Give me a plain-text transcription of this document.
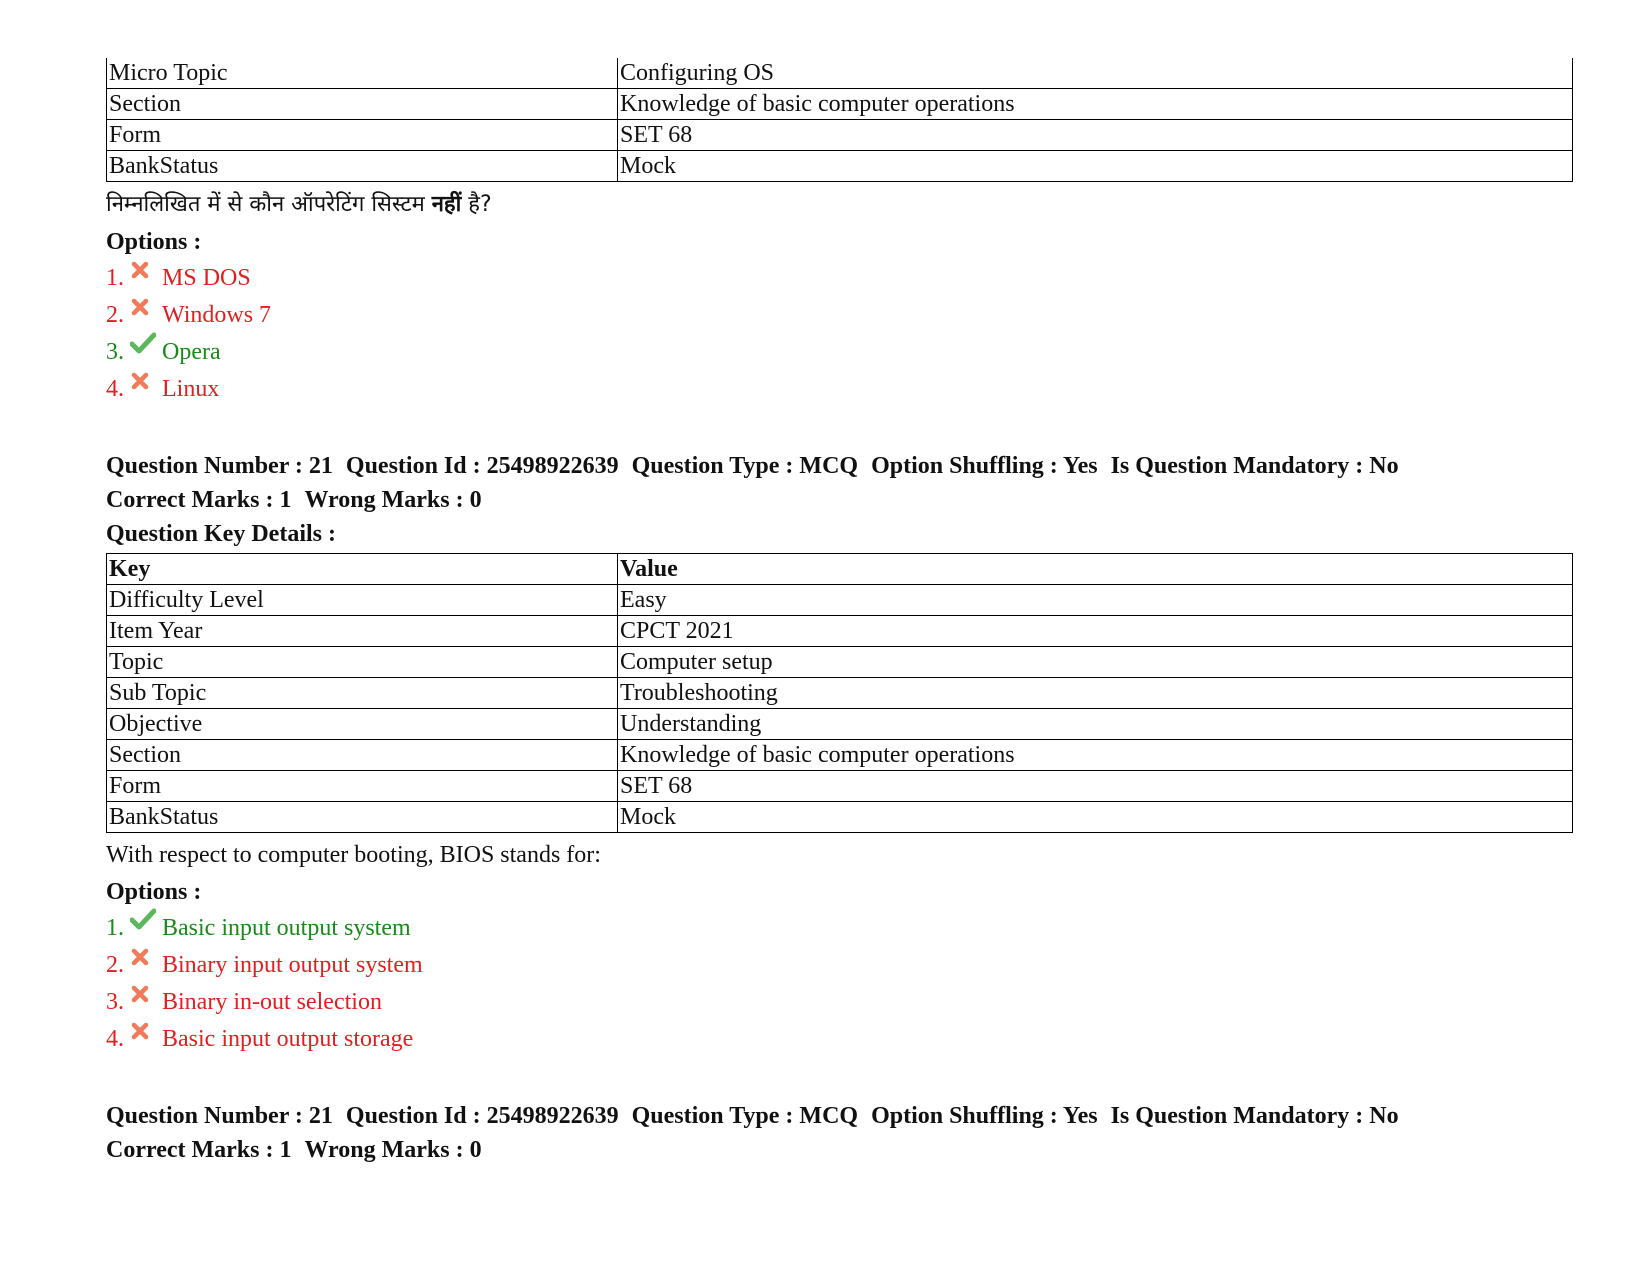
Micro Topic	Configuring OS
Section	Knowledge of basic computer operations
Form	SET 68
BankStatus	Mock
निम्नलिखित में से कौन ऑपरेटिंग सिस्टम नहीं है?
Options :
1. MS DOS
2. Windows 7
3. Opera
4. Linux
Question Number : 21 Question Id : 25498922639 Question Type : MCQ Option Shuffling : Yes Is Question Mandatory : No
Correct Marks : 1 Wrong Marks : 0
Question Key Details :
Key	Value
Difficulty Level	Easy
Item Year	CPCT 2021
Topic	Computer setup
Sub Topic	Troubleshooting
Objective	Understanding
Section	Knowledge of basic computer operations
Form	SET 68
BankStatus	Mock
With respect to computer booting, BIOS stands for:
Options :
1. Basic input output system
2. Binary input output system
3. Binary in-out selection
4. Basic input output storage
Question Number : 21 Question Id : 25498922639 Question Type : MCQ Option Shuffling : Yes Is Question Mandatory : No
Correct Marks : 1 Wrong Marks : 0
